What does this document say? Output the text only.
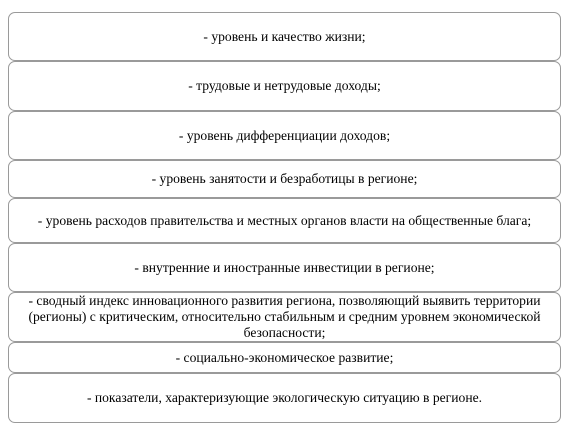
- уровень и качество жизни;
- трудовые и нетрудовые доходы;
- уровень дифференциации доходов;
- уровень занятости и безработицы в регионе;
- уровень расходов правительства и местных органов власти на общественные блага;
- внутренние и иностранные инвестиции в регионе;
- сводный индекс инновационного развития региона, позволяющий выявить территории (регионы) с критическим, относительно стабильным и средним уровнем экономической безопасности;
- социально-экономическое развитие;
- показатели, характеризующие экологическую ситуацию в регионе.
